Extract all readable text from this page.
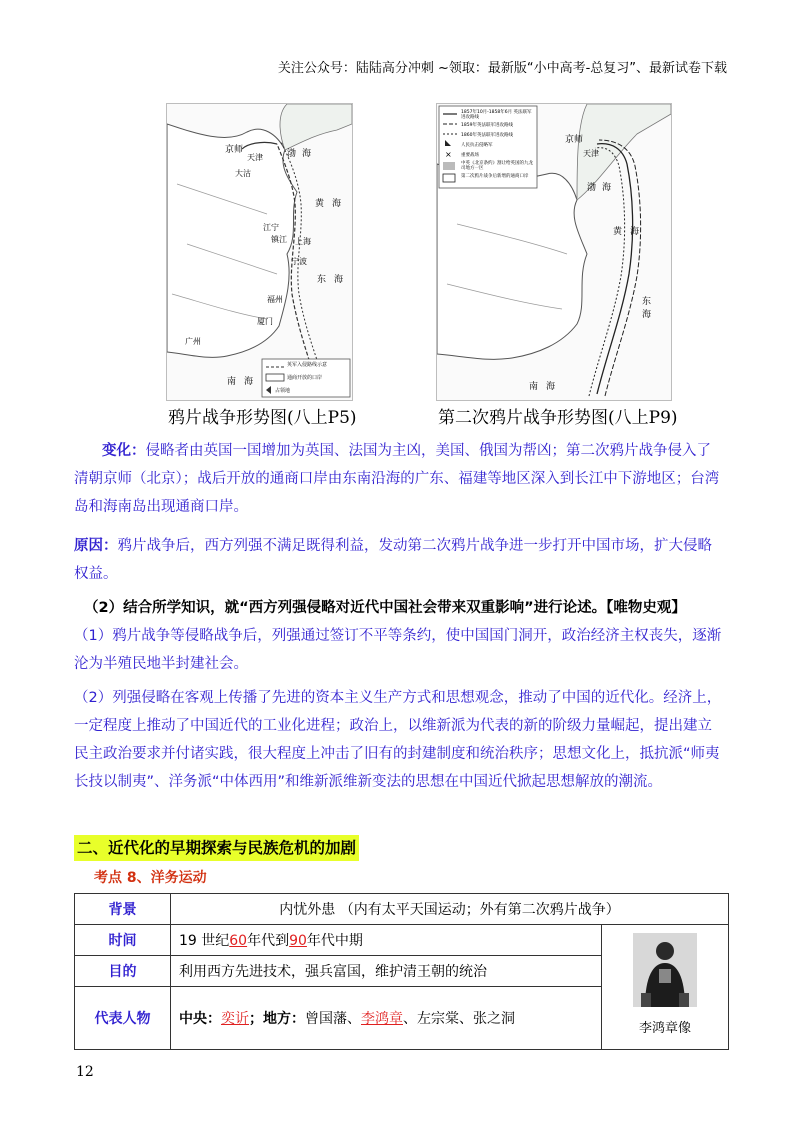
关注公众号：陆陆高分冲刺 ~领取：最新版“小中高考-总复习”、最新试卷下载
京师
天津
大沽
渤海
黄海
江宁
镇江 上海
宁波
东海
福州
厦门
广州
南海
英军入侵路线示意
通商开放的口岸
占领地
鸦片战争形势图(八上P5)
×
1857年10月-1858年6月 英法联军进攻路线
1859年英法联军进攻路线
1860年英法联军进攻路线
人民抗击侵略军
重要战场
中英《北京条约》割让给英国的九龙司地方一区
第二次鸦片战争后新增的通商口岸
京师
天津
渤海
黄海
东海
南海
第二次鸦片战争形势图(八上P9)
变化：侵略者由英国一国增加为英国、法国为主凶，美国、俄国为帮凶；第二次鸦片战争侵入了清朝京师（北京）；战后开放的通商口岸由东南沿海的广东、福建等地区深入到长江中下游地区；台湾岛和海南岛出现通商口岸。
原因：鸦片战争后，西方列强不满足既得利益，发动第二次鸦片战争进一步打开中国市场，扩大侵略权益。
（2）结合所学知识，就“西方列强侵略对近代中国社会带来双重影响”进行论述。【唯物史观】
（1）鸦片战争等侵略战争后，列强通过签订不平等条约，使中国国门洞开，政治经济主权丧失，逐渐沦为半殖民地半封建社会。
（2）列强侵略在客观上传播了先进的资本主义生产方式和思想观念，推动了中国的近代化。经济上，一定程度上推动了中国近代的工业化进程；政治上，以维新派为代表的新的阶级力量崛起，提出建立民主政治要求并付诸实践，很大程度上冲击了旧有的封建制度和统治秩序；思想文化上，抵抗派“师夷长技以制夷”、洋务派“中体西用”和维新派维新变法的思想在中国近代掀起思想解放的潮流。
二、近代化的早期探索与民族危机的加剧
考点 8、洋务运动
背景	内忧外患 （内有太平天国运动；外有第二次鸦片战争）	
时间	19 世纪60年代到90年代中期	李鸿章像

目的	利用西方先进技术，强兵富国，维护清王朝的统治	
代表人物	中央：奕䜣；地方：曾国藩、李鸿章、左宗棠、张之洞	
12
